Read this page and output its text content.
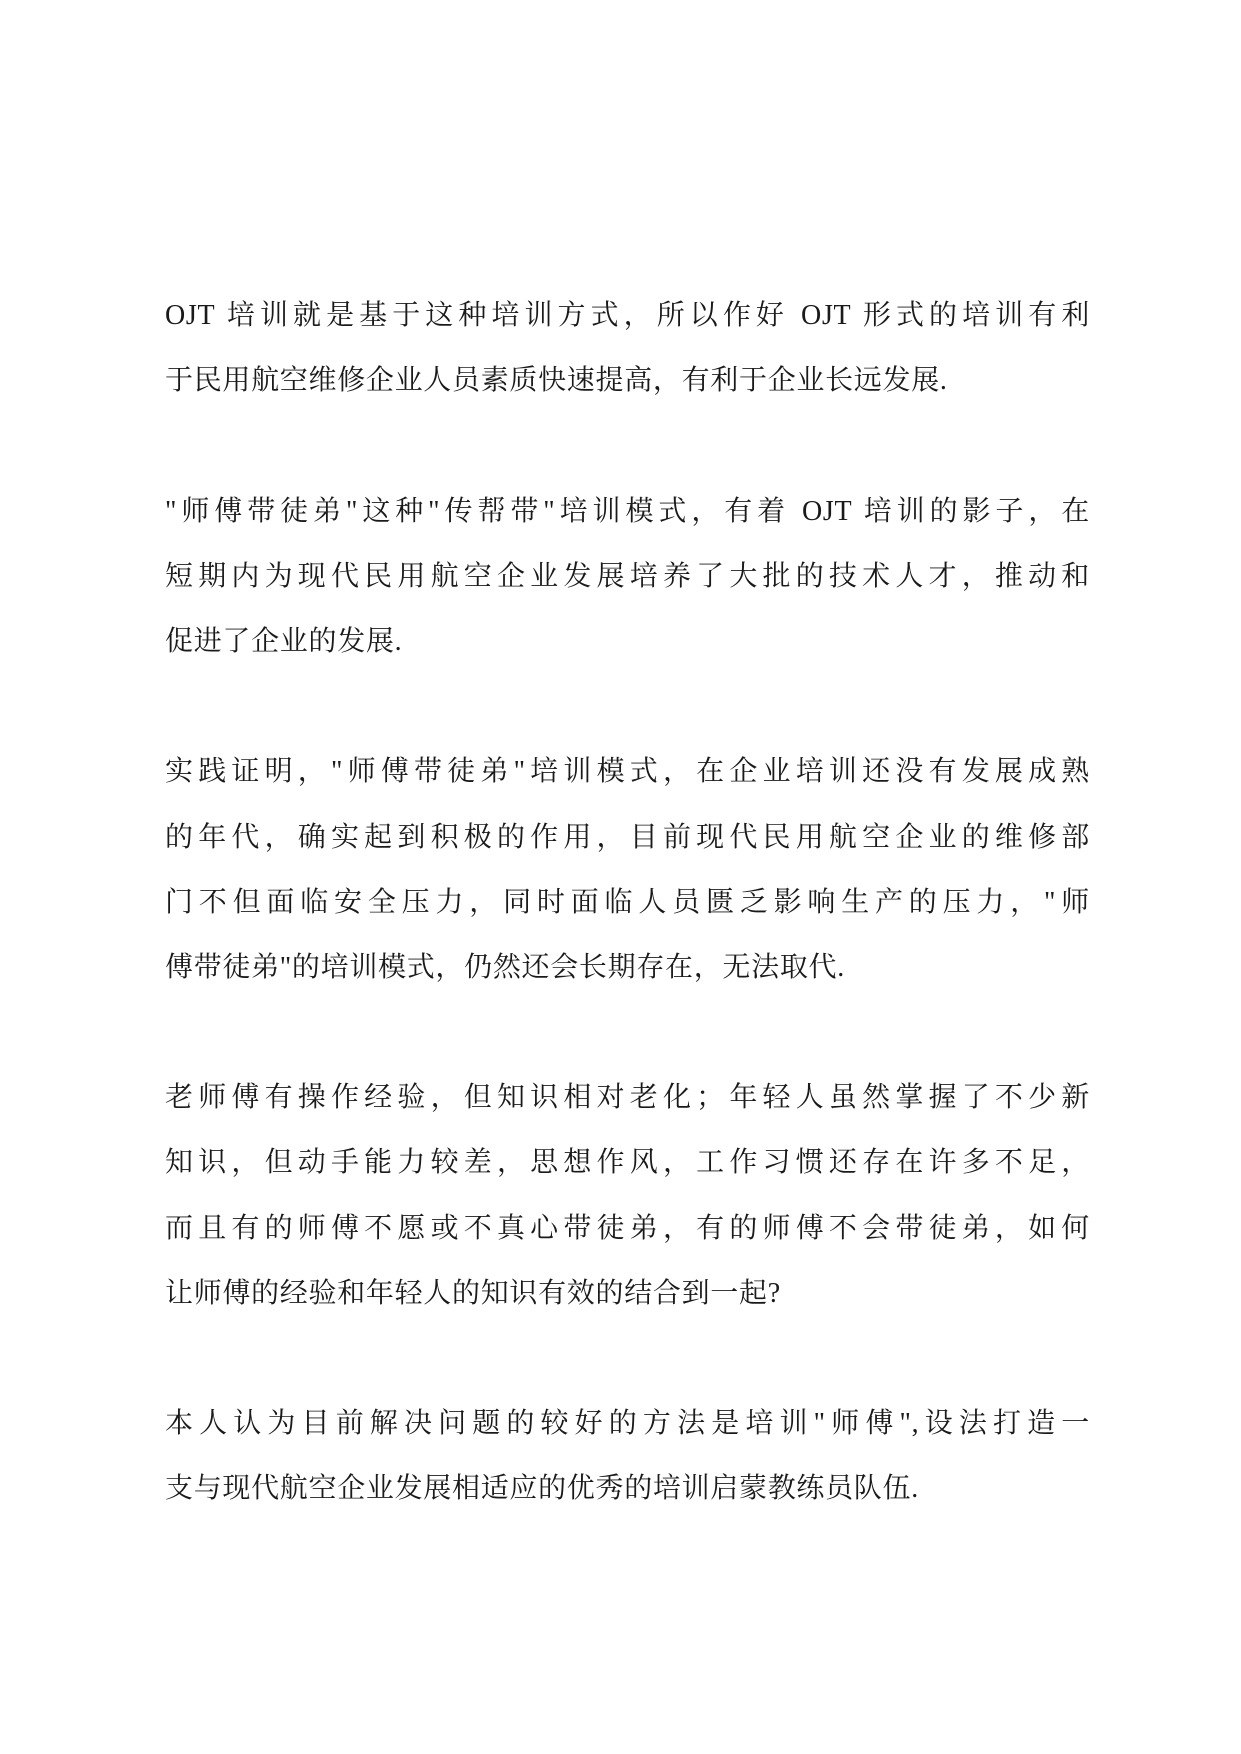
OJT 培训就是基于这种培训方式，所以作好 OJT 形式的培训有利
于民用航空维修企业人员素质快速提高，有利于企业长远发展.
"师傅带徒弟"这种"传帮带"培训模式，有着 OJT 培训的影子，在
短期内为现代民用航空企业发展培养了大批的技术人才，推动和
促进了企业的发展.
实践证明，"师傅带徒弟"培训模式，在企业培训还没有发展成熟
的年代，确实起到积极的作用，目前现代民用航空企业的维修部
门不但面临安全压力，同时面临人员匮乏影响生产的压力，"师
傅带徒弟"的培训模式，仍然还会长期存在，无法取代.
老师傅有操作经验，但知识相对老化；年轻人虽然掌握了不少新
知识，但动手能力较差，思想作风，工作习惯还存在许多不足，
而且有的师傅不愿或不真心带徒弟，有的师傅不会带徒弟，如何
让师傅的经验和年轻人的知识有效的结合到一起?
本人认为目前解决问题的较好的方法是培训"师傅",设法打造一
支与现代航空企业发展相适应的优秀的培训启蒙教练员队伍.
